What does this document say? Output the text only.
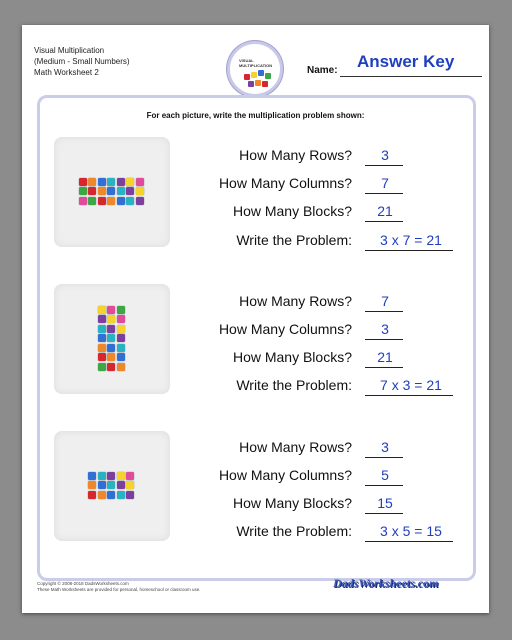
Visual Multiplication
(Medium - Small Numbers)
Math Worksheet 2
VISUAL MULTIPLICATION	Name: Answer Key
For each picture, write the multiplication problem shown:
How Many Rows?	3
How Many Columns?	7
How Many Blocks?	21
Write the Problem:	3 x 7 = 21
How Many Rows?	7
How Many Columns?	3
How Many Blocks?	21
Write the Problem:	7 x 3 = 21
How Many Rows?	3
How Many Columns?	5
How Many Blocks?	15
Write the Problem:	3 x 5 = 15
Copyright © 2008-2018 DadsWorksheets.com
These Math Worksheets are provided for personal, homeschool or classroom use.	DadsWorksheets.com
